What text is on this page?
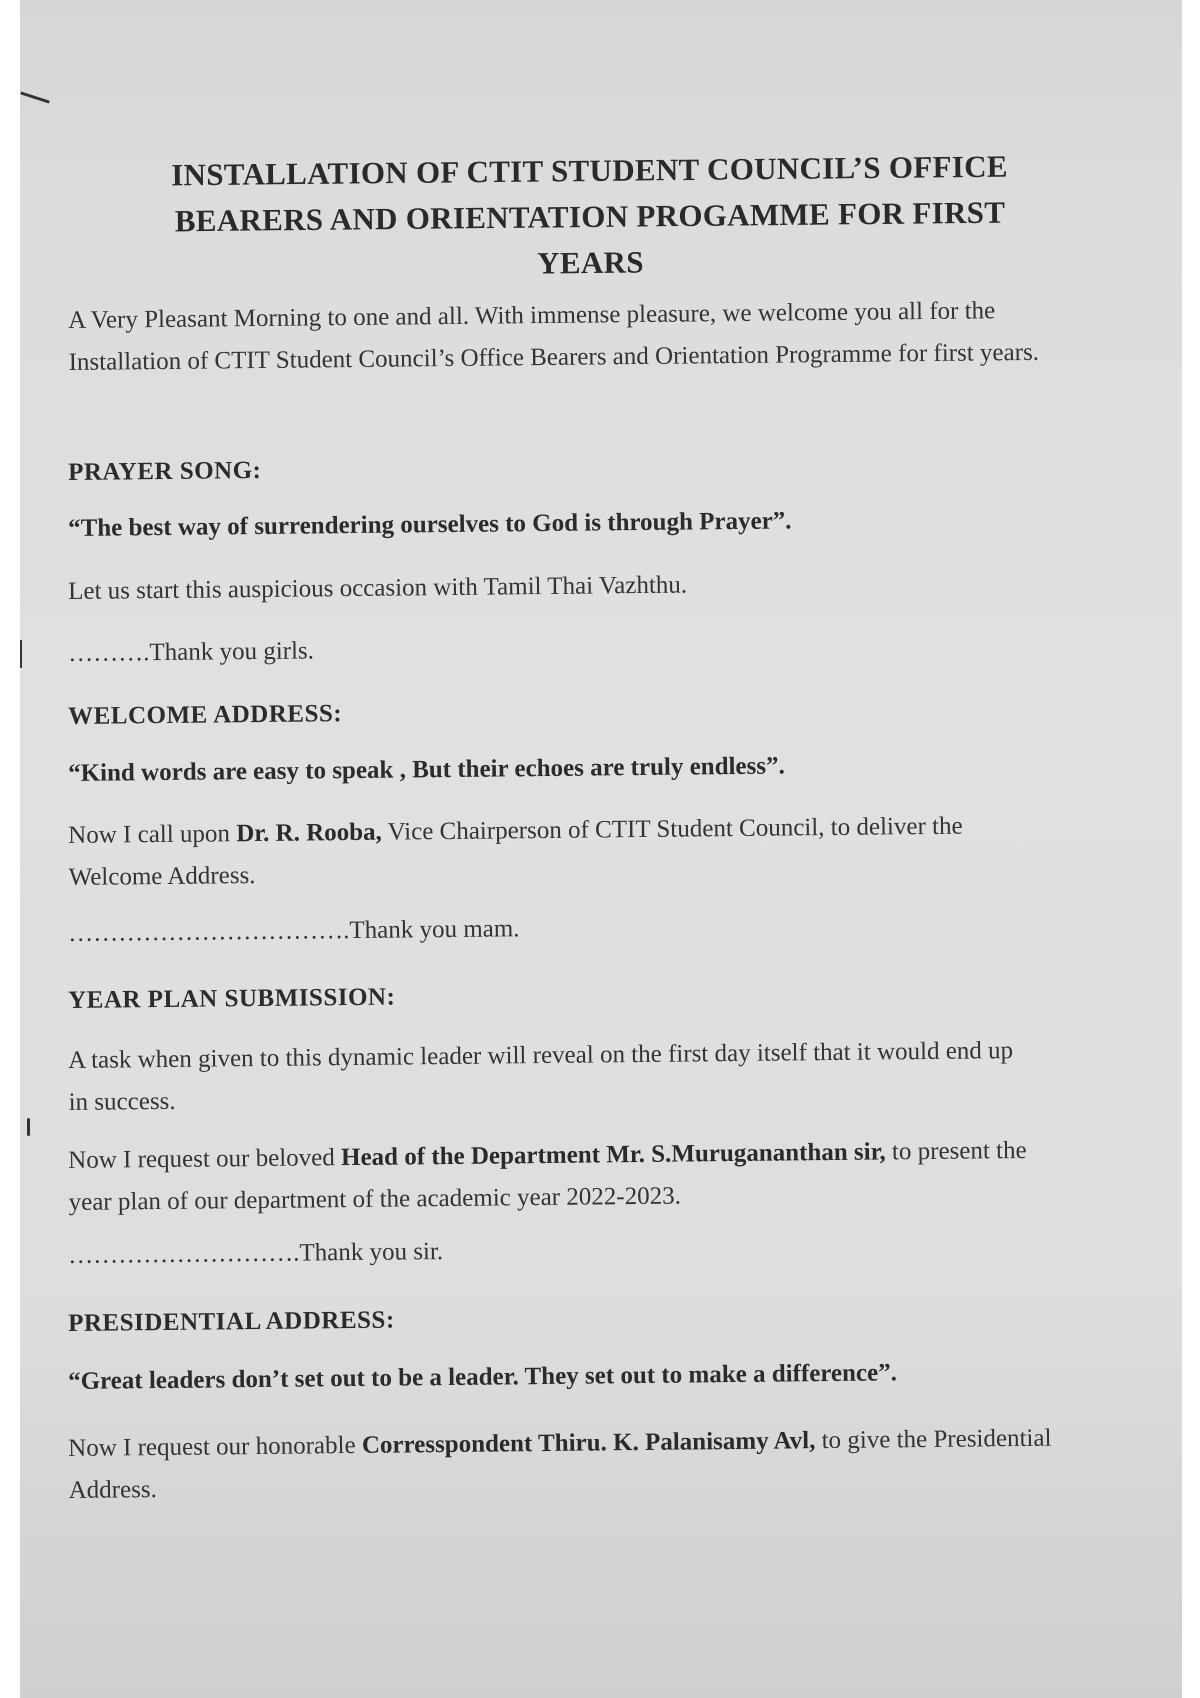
INSTALLATION OF CTIT STUDENT COUNCIL’S OFFICE
BEARERS AND ORIENTATION PROGAMME FOR FIRST
YEARS
A Very Pleasant Morning to one and all. With immense pleasure, we welcome you all for the Installation of CTIT Student Council’s Office Bearers and Orientation Programme for first years.
PRAYER SONG:
“The best way of surrendering ourselves to God is through Prayer”.
Let us start this auspicious occasion with Tamil Thai Vazhthu.
……….Thank you girls.
WELCOME ADDRESS:
“Kind words are easy to speak , But their echoes are truly endless”.
Now I call upon Dr. R. Rooba, Vice Chairperson of CTIT Student Council, to deliver the Welcome Address.
…………………………….Thank you mam.
YEAR PLAN SUBMISSION:
A task when given to this dynamic leader will reveal on the first day itself that it would end up in success.
Now I request our beloved Head of the Department Mr. S.Murugananthan sir, to present the year plan of our department of the academic year 2022-2023.
……………………….Thank you sir.
PRESIDENTIAL ADDRESS:
“Great leaders don’t set out to be a leader. They set out to make a difference”.
Now I request our honorable Corresspondent Thiru. K. Palanisamy Avl, to give the Presidential Address.
